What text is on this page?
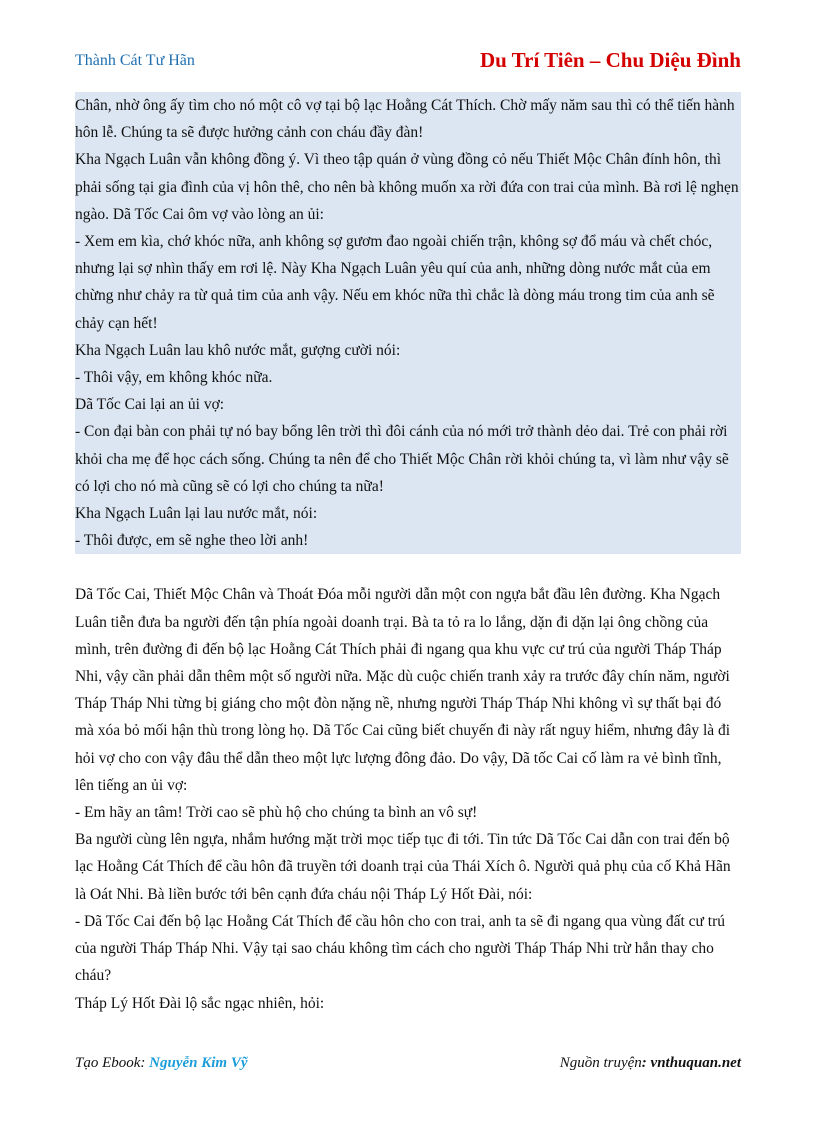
Thành Cát Tư Hãn	Du Trí Tiên – Chu Diệu Đình

Chân, nhờ ông ấy tìm cho nó một cô vợ tại bộ lạc Hoằng Cát Thích. Chờ mấy năm sau thì có thể tiến hành hôn lễ. Chúng ta sẽ được hưởng cảnh con cháu đầy đàn!

Kha Ngạch Luân vẫn không đồng ý. Vì theo tập quán ở vùng đồng cỏ nếu Thiết Mộc Chân đính hôn, thì phải sống tại gia đình của vị hôn thê, cho nên bà không muốn xa rời đứa con trai của mình. Bà rơi lệ nghẹn ngào. Dã Tốc Cai ôm vợ vào lòng an ủi:

- Xem em kìa, chớ khóc nữa, anh không sợ gươm đao ngoài chiến trận, không sợ đổ máu và chết chóc, nhưng lại sợ nhìn thấy em rơi lệ. Này Kha Ngạch Luân yêu quí của anh, những dòng nước mắt của em chừng như chảy ra từ quả tim của anh vậy. Nếu em khóc nữa thì chắc là dòng máu trong tim của anh sẽ chảy cạn hết!

Kha Ngạch Luân lau khô nước mắt, gượng cười nói:

- Thôi vậy, em không khóc nữa.

Dã Tốc Cai lại an ủi vợ:

- Con đại bàn con phải tự nó bay bổng lên trời thì đôi cánh của nó mới trở thành dẻo dai. Trẻ con phải rời khỏi cha mẹ để học cách sống. Chúng ta nên để cho Thiết Mộc Chân rời khỏi chúng ta, vì làm như vậy sẽ có lợi cho nó mà cũng sẽ có lợi cho chúng ta nữa!

Kha Ngạch Luân lại lau nước mắt, nói:

- Thôi được, em sẽ nghe theo lời anh!

Dã Tốc Cai, Thiết Mộc Chân và Thoát Đóa mỗi người dẫn một con ngựa bắt đầu lên đường. Kha Ngạch Luân tiễn đưa ba người đến tận phía ngoài doanh trại. Bà ta tỏ ra lo lắng, dặn đi dặn lại ông chồng của mình, trên đường đi đến bộ lạc Hoằng Cát Thích phải đi ngang qua khu vực cư trú của người Tháp Tháp Nhi, vậy cần phải dẫn thêm một số người nữa. Mặc dù cuộc chiến tranh xảy ra trước đây chín năm, người Tháp Tháp Nhi từng bị giáng cho một đòn nặng nề, nhưng người Tháp Tháp Nhi không vì sự thất bại đó mà xóa bỏ mối hận thù trong lòng họ. Dã Tốc Cai cũng biết chuyến đi này rất nguy hiểm, nhưng đây là đi hỏi vợ cho con vậy đâu thể dẫn theo một lực lượng đông đảo. Do vậy, Dã tốc Cai cố làm ra vẻ bình tĩnh, lên tiếng an ủi vợ:

- Em hãy an tâm! Trời cao sẽ phù hộ cho chúng ta bình an vô sự!

Ba người cùng lên ngựa, nhắm hướng mặt trời mọc tiếp tục đi tới. Tin tức Dã Tốc Cai dẫn con trai đến bộ lạc Hoằng Cát Thích để cầu hôn đã truyền tới doanh trại của Thái Xích ô. Người quả phụ của cố Khả Hãn là Oát Nhi. Bà liền bước tới bên cạnh đứa cháu nội Tháp Lý Hốt Đài, nói:

- Dã Tốc Cai đến bộ lạc Hoằng Cát Thích để cầu hôn cho con trai, anh ta sẽ đi ngang qua vùng đất cư trú của người Tháp Tháp Nhi. Vậy tại sao cháu không tìm cách cho người Tháp Tháp Nhi trừ hắn thay cho cháu?

Tháp Lý Hốt Đài lộ sắc ngạc nhiên, hỏi:

Tạo Ebook: Nguyễn Kim Vỹ	Nguồn truyện: vnthuquan.net
